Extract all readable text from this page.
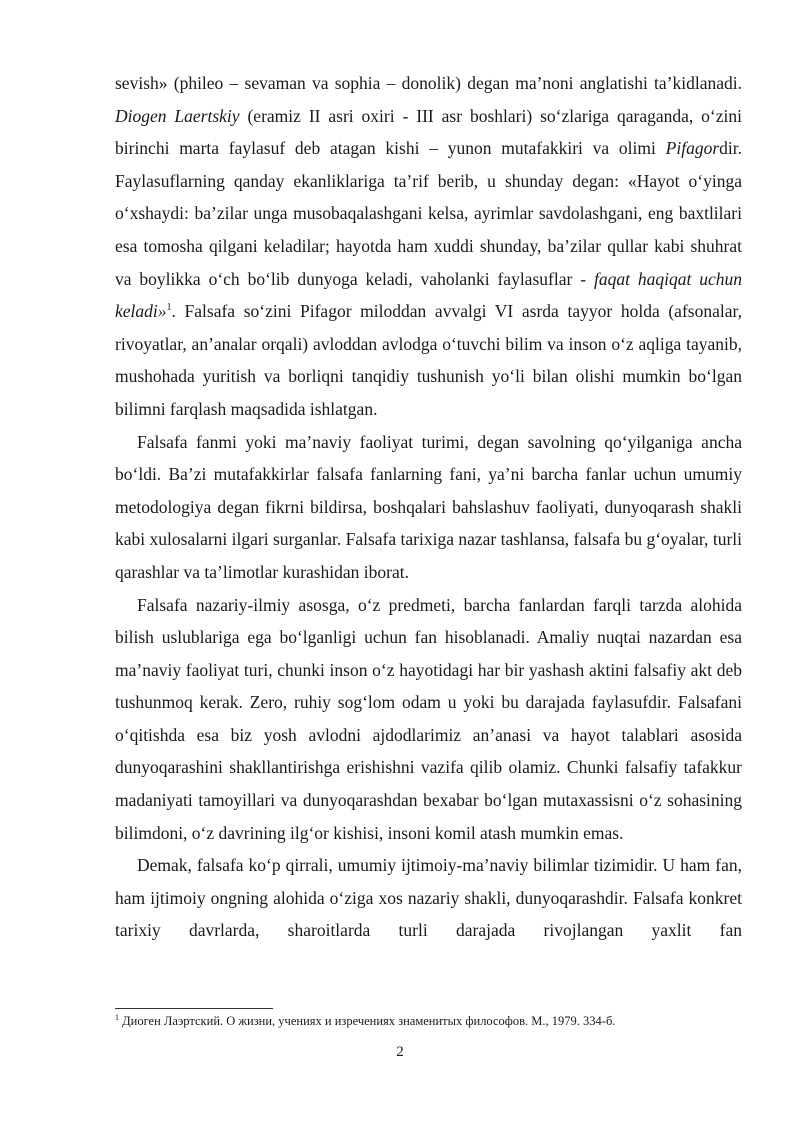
sevish» (phileo – sevaman va sophia – donolik) degan ma’noni anglatishi ta’kidlanadi. Diogen Laertskiy (eramiz II asri oxiri - III asr boshlari) so‘zlariga qaraganda, o‘zini birinchi marta faylasuf deb atagan kishi – yunon mutafakkiri va olimi Pifagordir. Faylasuflarning qanday ekanliklariga ta’rif berib, u shunday degan: «Hayot o‘yinga o‘xshaydi: ba’zilar unga musobaqalashgani kelsa, ayrimlar savdolashgani, eng baxtlilari esa tomosha qilgani keladilar; hayotda ham xuddi shunday, ba’zilar qullar kabi shuhrat va boylikka o‘ch bo‘lib dunyoga keladi, vaholanki faylasuflar - faqat haqiqat uchun keladi»$^1$. Falsafa so‘zini Pifagor miloddan avvalgi VI asrda tayyor holda (afsonalar, rivoyatlar, an’analar orqali) avloddan avlodga o‘tuvchi bilim va inson o‘z aqliga tayanib, mushohada yuritish va borliqni tanqidiy tushunish yo‘li bilan olishi mumkin bo‘lgan bilimni farqlash maqsadida ishlatgan.

Falsafa fanmi yoki ma’naviy faoliyat turimi, degan savolning qo‘yilganiga ancha bo‘ldi. Ba’zi mutafakkirlar falsafa fanlarning fani, ya’ni barcha fanlar uchun umumiy metodologiya degan fikrni bildirsa, boshqalari bahslashuv faoliyati, dunyoqarash shakli kabi xulosalarni ilgari surganlar. Falsafa tarixiga nazar tashlansa, falsafa bu g‘oyalar, turli qarashlar va ta’limotlar kurashidan iborat.

Falsafa nazariy-ilmiy asosga, o‘z predmeti, barcha fanlardan farqli tarzda alohida bilish uslublariga ega bo‘lganligi uchun fan hisoblanadi. Amaliy nuqtai nazardan esa ma’naviy faoliyat turi, chunki inson o‘z hayotidagi har bir yashash aktini falsafiy akt deb tushunmoq kerak. Zero, ruhiy sog‘lom odam u yoki bu darajada faylasufdir. Falsafani o‘qitishda esa biz yosh avlodni ajdodlarimiz an’anasi va hayot talablari asosida dunyoqarashini shakllantirishga erishishni vazifa qilib olamiz. Chunki falsafiy tafakkur madaniyati tamoyillari va dunyoqarashdan bexabar bo‘lgan mutaxassisni o‘z sohasining bilimdoni, o‘z davrining ilg‘or kishisi, insoni komil atash mumkin emas.

Demak, falsafa ko‘p qirrali, umumiy ijtimoiy-ma’naviy bilimlar tizimidir. U ham fan, ham ijtimoiy ongning alohida o‘ziga xos nazariy shakli, dunyoqarashdir. Falsafa konkret tarixiy davrlarda, sharoitlarda turli darajada rivojlangan yaxlit fan

$^1$ Диоген Лаэртский. О жизни, учениях и изречениях знаменитых философов. М., 1979. 334-б.
2
